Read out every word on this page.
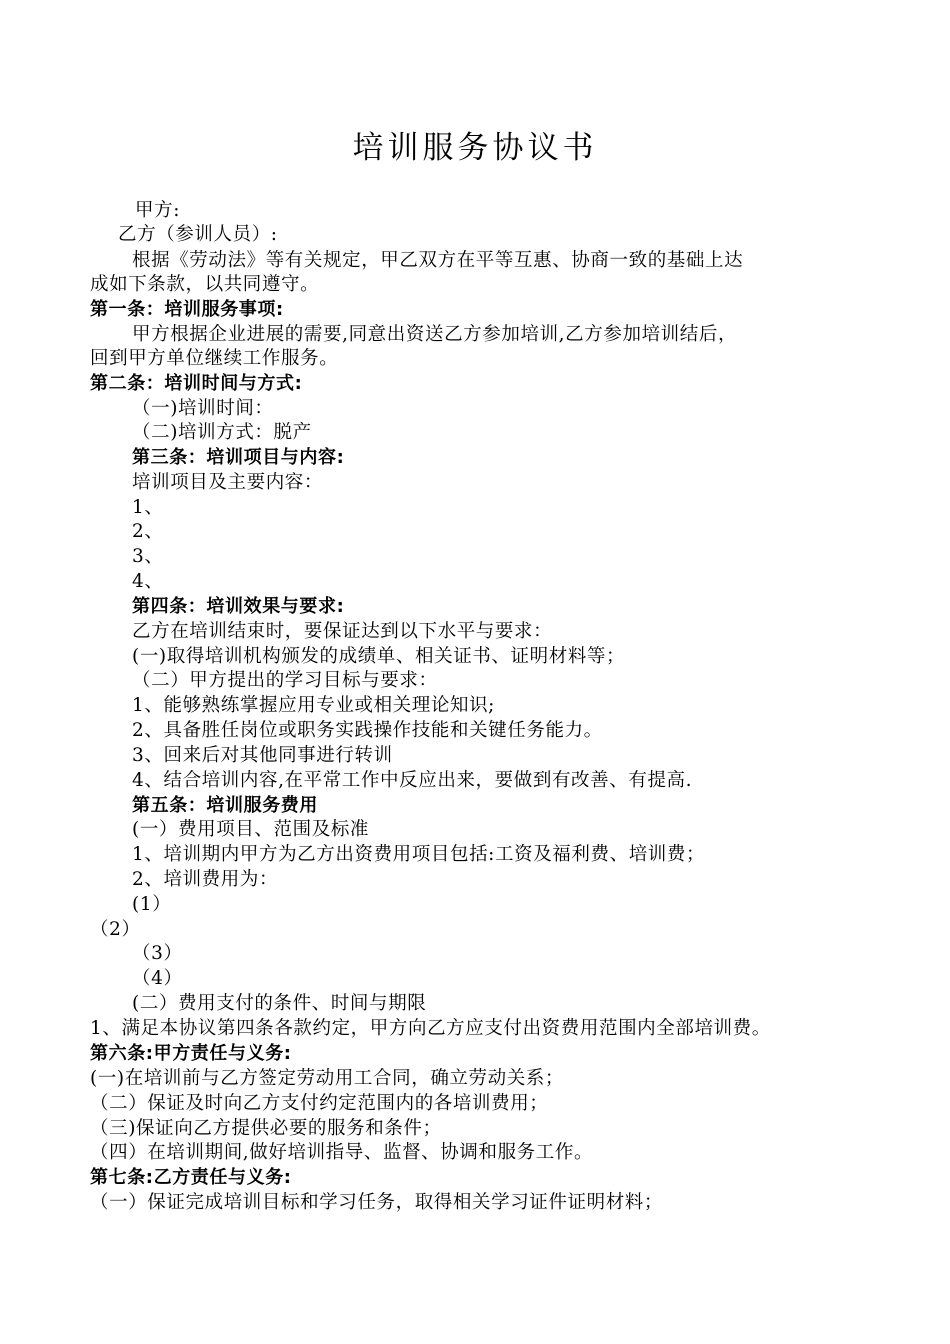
培训服务协议书
甲方:
乙方（参训人员）:
根据《劳动法》等有关规定，甲乙双方在平等互惠、协商一致的基础上达
成如下条款，以共同遵守。
第一条：培训服务事项:
甲方根据企业进展的需要,同意出资送乙方参加培训,乙方参加培训结后，
回到甲方单位继续工作服务。
第二条：培训时间与方式:
（一)培训时间：
（二)培训方式：脱产
第三条：培训项目与内容:
培训项目及主要内容：
1、
2、
3、
4、
第四条：培训效果与要求:
乙方在培训结束时，要保证达到以下水平与要求：
(一)取得培训机构颁发的成绩单、相关证书、证明材料等；
（二）甲方提出的学习目标与要求：
1、能够熟练掌握应用专业或相关理论知识;
2、具备胜任岗位或职务实践操作技能和关键任务能力。
3、回来后对其他同事进行转训
4、结合培训内容,在平常工作中反应出来，要做到有改善、有提高.
第五条：培训服务费用
(一）费用项目、范围及标准
1、培训期内甲方为乙方出资费用项目包括:工资及福利费、培训费；
2、培训费用为：
(1）
（2）
（3）
（4）
(二）费用支付的条件、时间与期限
1、满足本协议第四条各款约定，甲方向乙方应支付出资费用范围内全部培训费。
第六条:甲方责任与义务:
(一)在培训前与乙方签定劳动用工合同，确立劳动关系；
（二）保证及时向乙方支付约定范围内的各培训费用；
（三)保证向乙方提供必要的服务和条件；
（四）在培训期间,做好培训指导、监督、协调和服务工作。
第七条:乙方责任与义务:
（一）保证完成培训目标和学习任务，取得相关学习证件证明材料；
